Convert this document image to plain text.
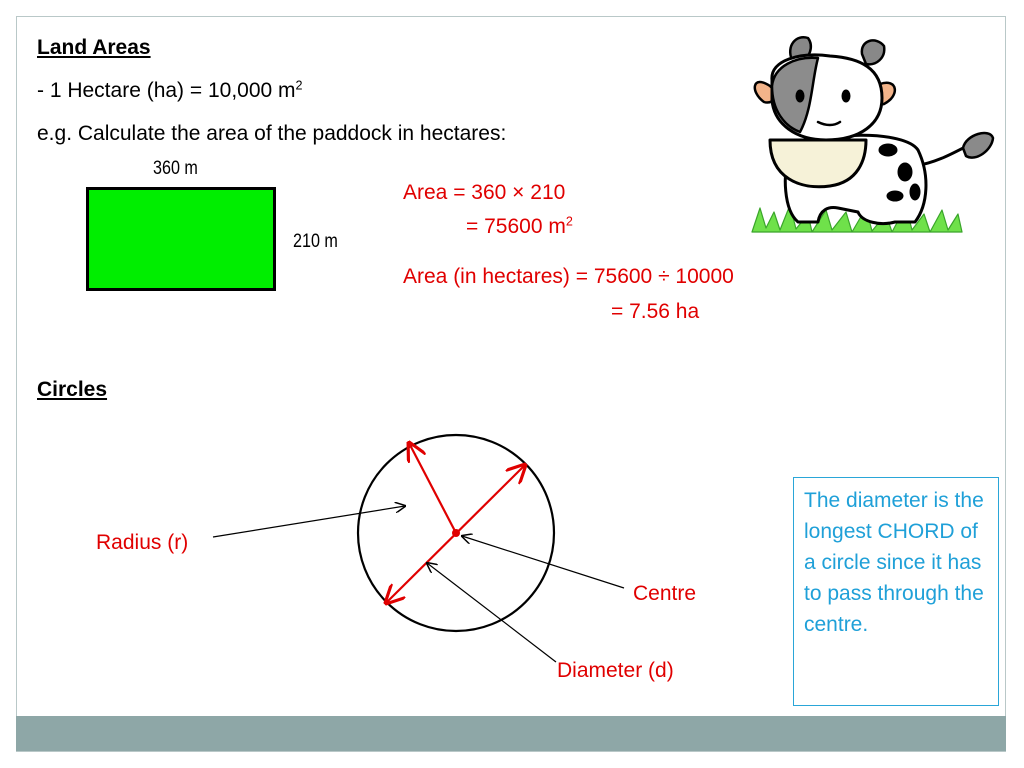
Land Areas
- 1 Hectare (ha) = 10,000 $m^2$
e.g. Calculate the area of the paddock in hectares:
360 m
210 m
Area = 360 × 210
= 75600 $m^2$
Area (in hectares) = 75600 ÷ 10000
= 7.56 ha
Circles
Radius (r)
Centre
Diameter (d)
The diameter is the longest CHORD of a circle since it has to pass through the centre.
